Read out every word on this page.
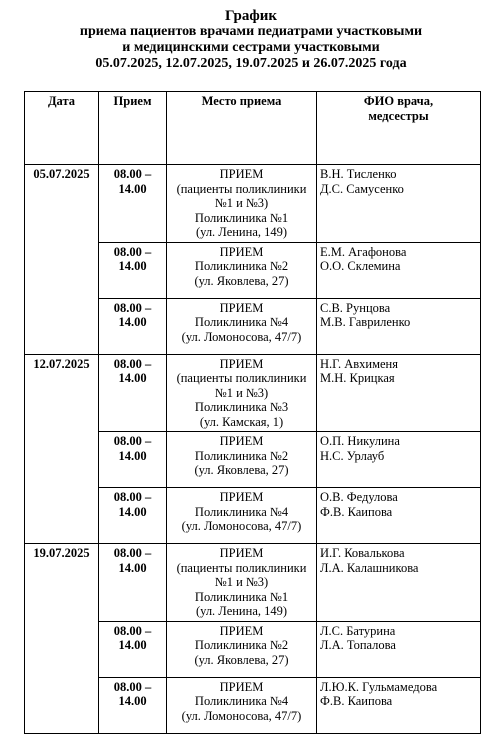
График
приема пациентов врачами педиатрами участковыми
и медицинскими сестрами участковыми
05.07.2025, 12.07.2025, 19.07.2025 и 26.07.2025 года
Дата	Прием	Место приема	ФИО врача,
медсестры

05.07.2025	08.00 –
14.00	ПРИЕМ
(пациенты поликлиники
№1 и №3)
Поликлиника №1
(ул. Ленина, 149)	В.Н. Тисленко
Д.С. Самусенко

	08.00 –
14.00	ПРИЕМ
Поликлиника №2
(ул. Яковлева, 27)	Е.М. Агафонова
О.О. Склемина

	08.00 –
14.00	ПРИЕМ
Поликлиника №4
(ул. Ломоносова, 47/7)	С.В. Рунцова
М.В. Гавриленко

12.07.2025	08.00 –
14.00	ПРИЕМ
(пациенты поликлиники
№1 и №3)
Поликлиника №3
(ул. Камская, 1)	Н.Г. Авхименя
М.Н. Крицкая

	08.00 –
14.00	ПРИЕМ
Поликлиника №2
(ул. Яковлева, 27)	О.П. Никулина
Н.С. Урлауб

	08.00 –
14.00	ПРИЕМ
Поликлиника №4
(ул. Ломоносова, 47/7)	О.В. Федулова
Ф.В. Каипова

19.07.2025	08.00 –
14.00	ПРИЕМ
(пациенты поликлиники
№1 и №3)
Поликлиника №1
(ул. Ленина, 149)	И.Г. Ковалькова
Л.А. Калашникова

	08.00 –
14.00	ПРИЕМ
Поликлиника №2
(ул. Яковлева, 27)	Л.С. Батурина
Л.А. Топалова

	08.00 –
14.00	ПРИЕМ
Поликлиника №4
(ул. Ломоносова, 47/7)	Л.Ю.К. Гульмамедова
Ф.В. Каипова
